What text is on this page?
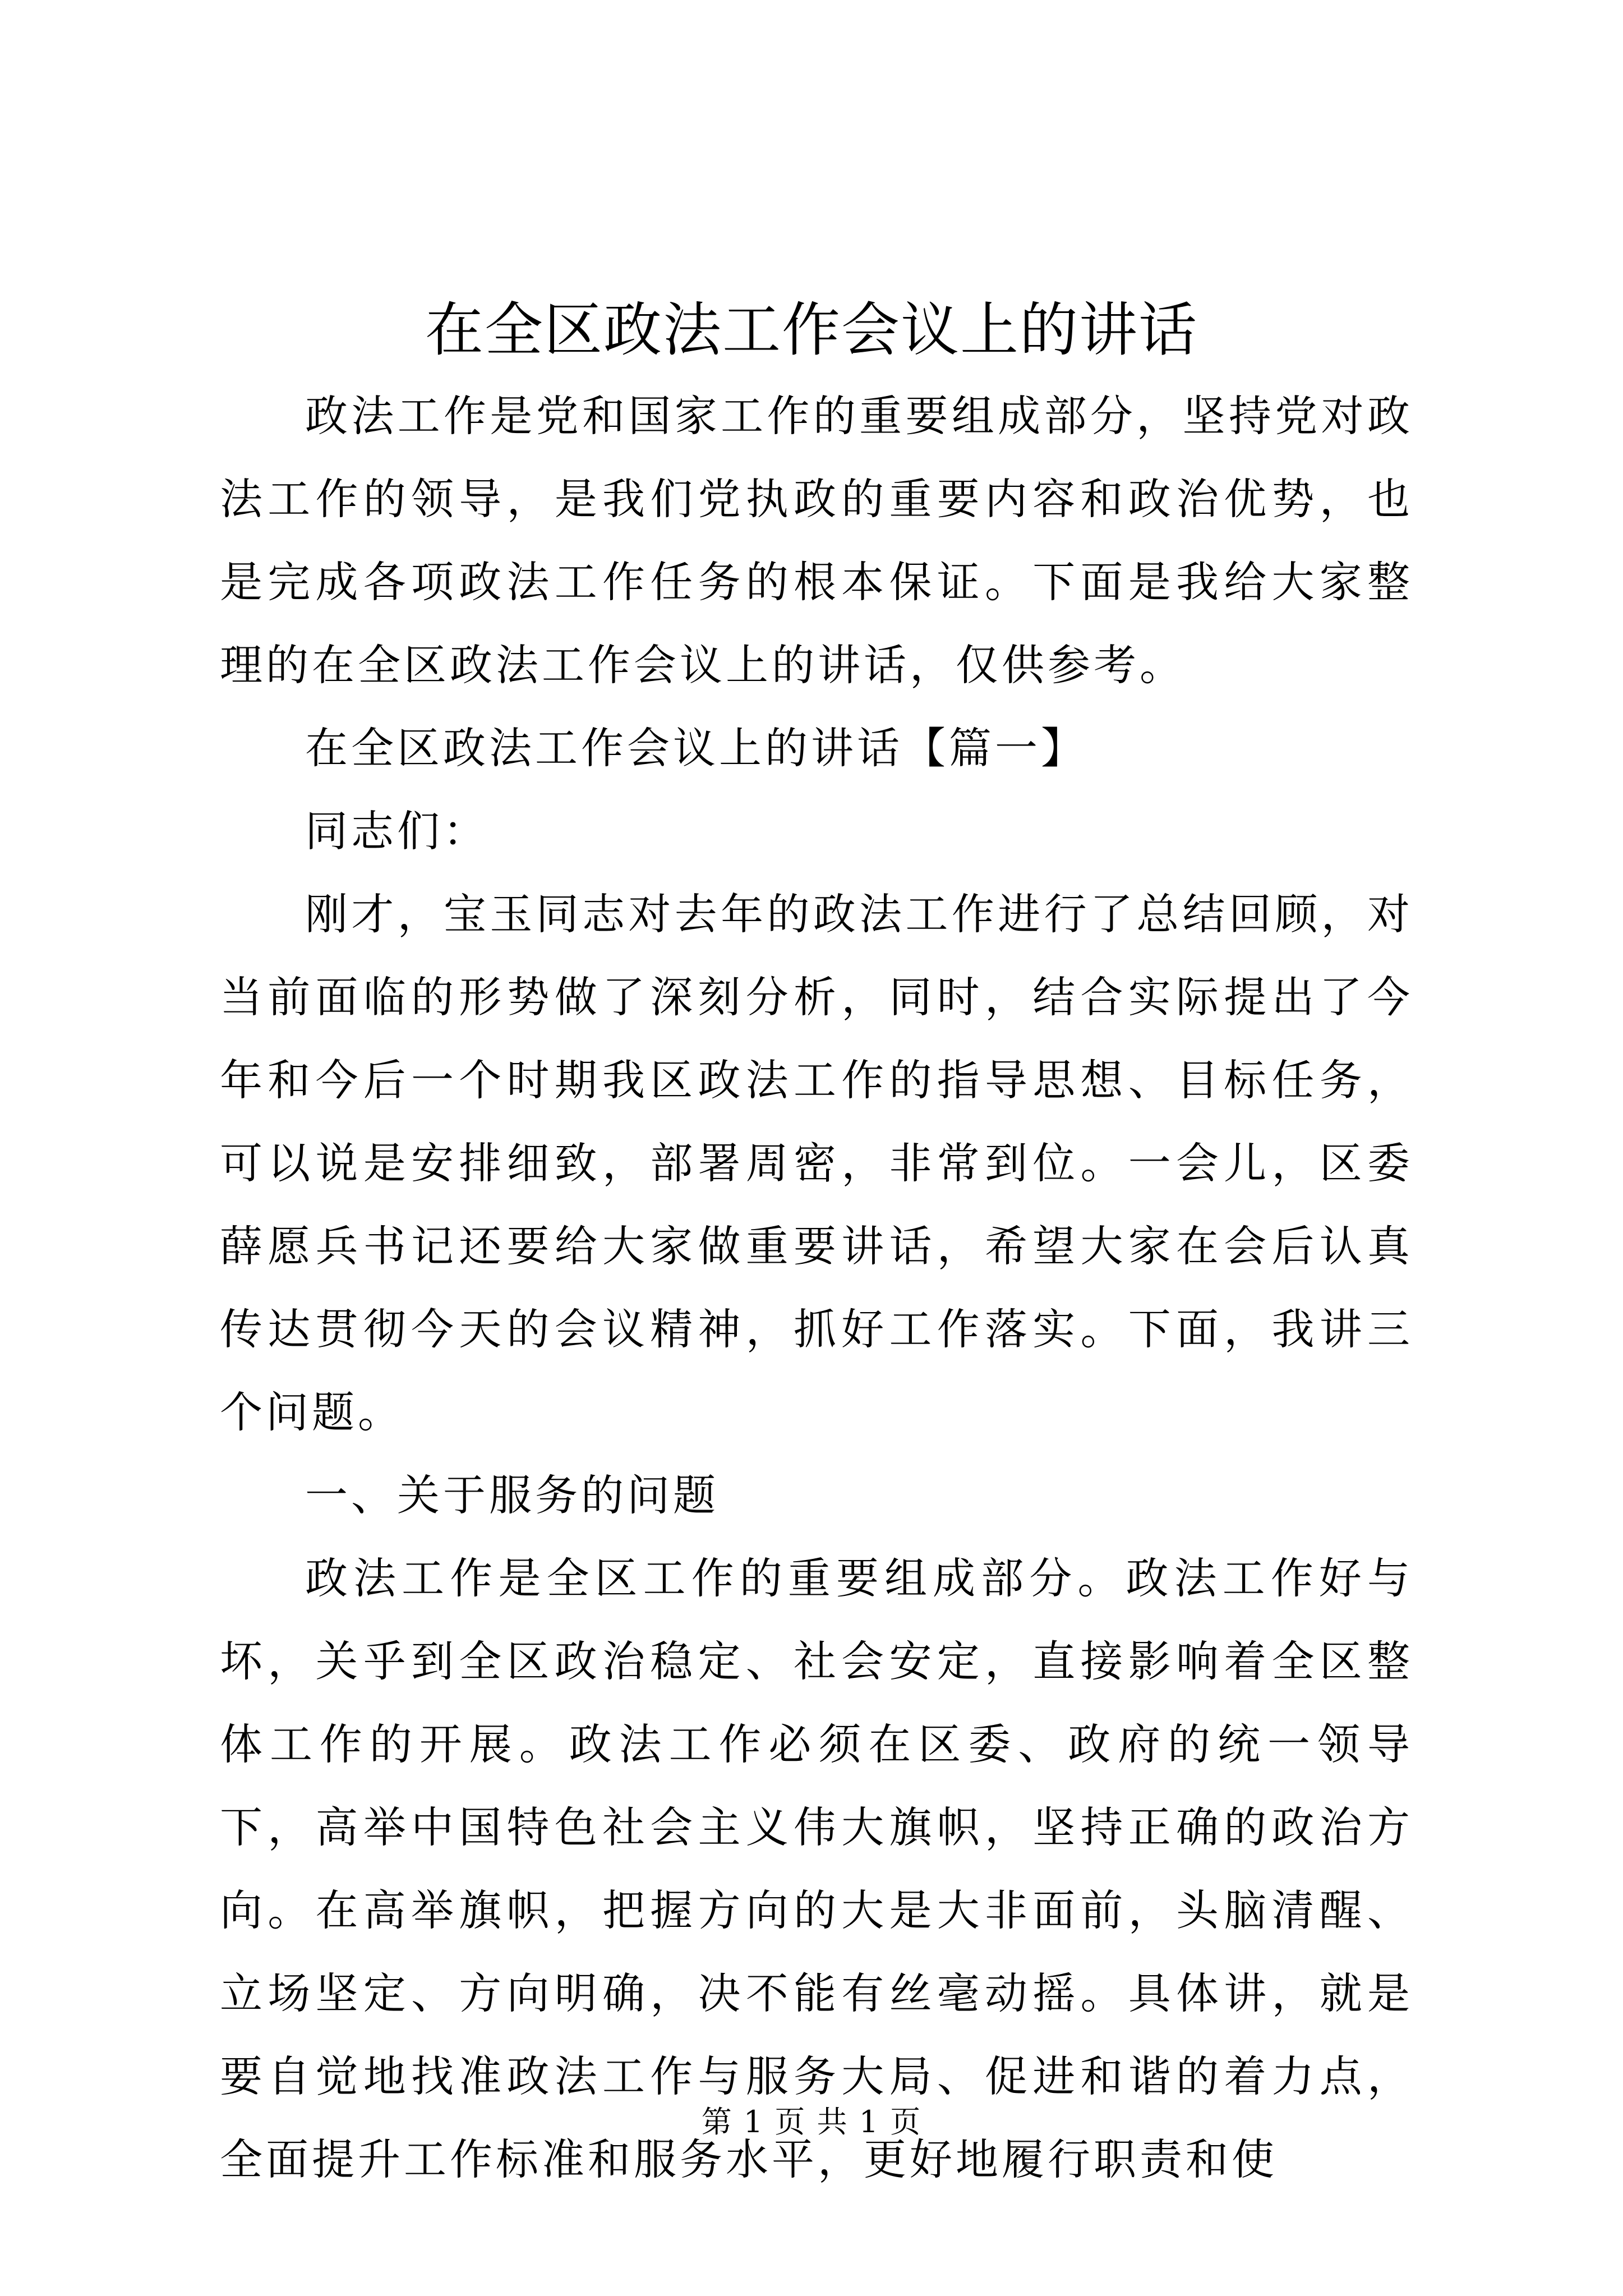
在全区政法工作会议上的讲话

政法工作是党和国家工作的重要组成部分，坚持党对政法工作的领导，是我们党执政的重要内容和政治优势，也是完成各项政法工作任务的根本保证。下面是我给大家整理的在全区政法工作会议上的讲话，仅供参考。

在全区政法工作会议上的讲话【篇一】

同志们：

刚才，宝玉同志对去年的政法工作进行了总结回顾，对当前面临的形势做了深刻分析，同时，结合实际提出了今年和今后一个时期我区政法工作的指导思想、目标任务，可以说是安排细致，部署周密，非常到位。一会儿，区委薛愿兵书记还要给大家做重要讲话，希望大家在会后认真传达贯彻今天的会议精神，抓好工作落实。下面，我讲三个问题。

一、关于服务的问题

政法工作是全区工作的重要组成部分。政法工作好与坏，关乎到全区政治稳定、社会安定，直接影响着全区整体工作的开展。政法工作必须在区委、政府的统一领导下，高举中国特色社会主义伟大旗帜，坚持正确的政治方向。在高举旗帜，把握方向的大是大非面前，头脑清醒、立场坚定、方向明确，决不能有丝毫动摇。具体讲，就是要自觉地找准政法工作与服务大局、促进和谐的着力点，全面提升工作标准和服务水平，更好地履行职责和使

第 1 页 共 1 页
